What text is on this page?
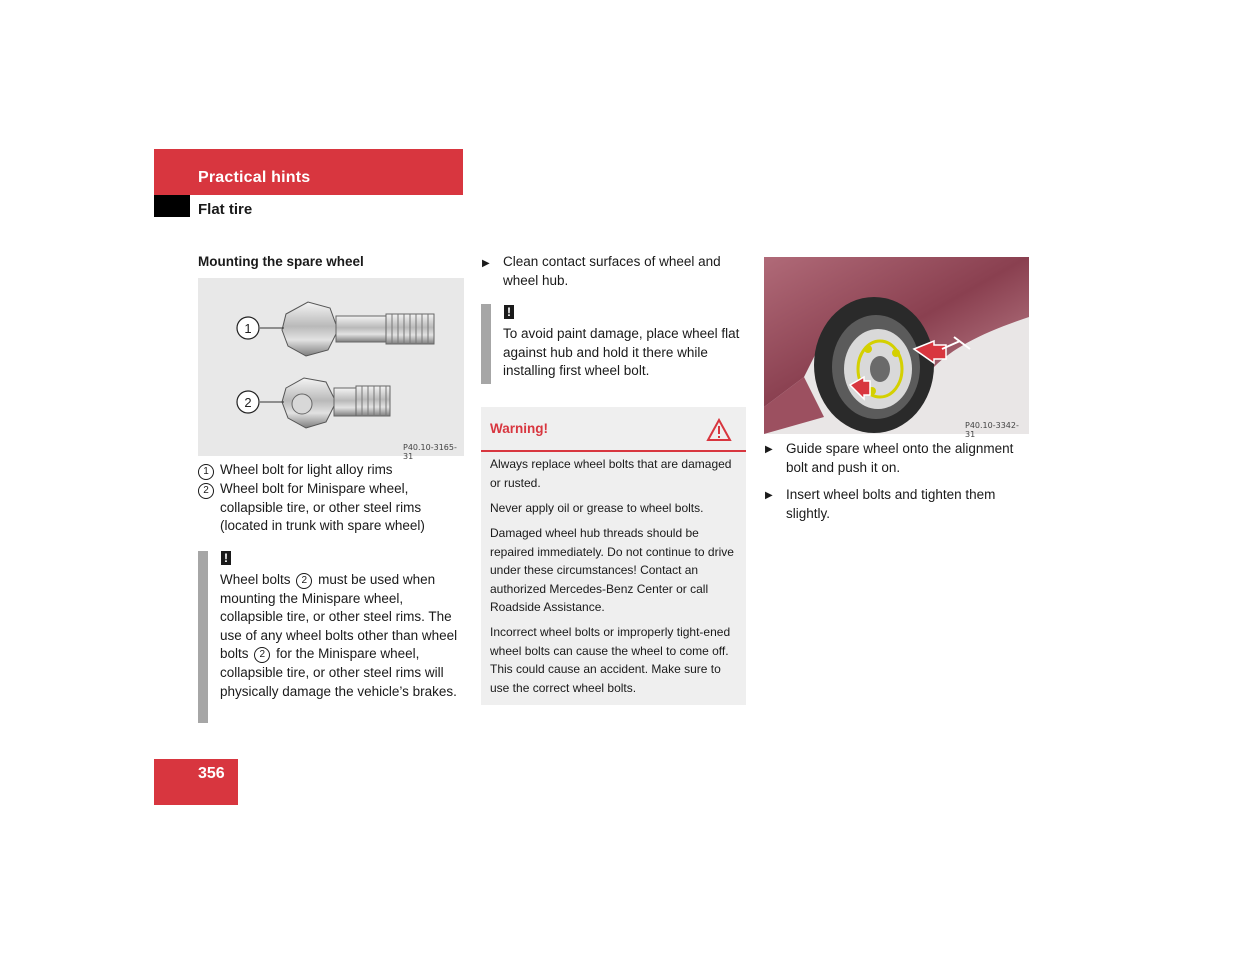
Practical hints
Flat tire
Mounting the spare wheel
1
2
P40.10-3165-31
1 Wheel bolt for light alloy rims
2 Wheel bolt for Minispare wheel, collapsible tire, or other steel rims (located in trunk with spare wheel)
!
Wheel bolts 2 must be used when mounting the Minispare wheel, collapsible tire, or other steel rims. The use of any wheel bolts other than wheel bolts 2 for the Minispare wheel, collapsible tire, or other steel rims will physically damage the vehicle’s brakes.
▶ Clean contact surfaces of wheel and wheel hub.
!
To avoid paint damage, place wheel flat against hub and hold it there while installing first wheel bolt.
Warning!
Always replace wheel bolts that are damaged or rusted.
Never apply oil or grease to wheel bolts.
Damaged wheel hub threads should be repaired immediately. Do not continue to drive under these circumstances! Contact an authorized Mercedes-Benz Center or call Roadside Assistance.
Incorrect wheel bolts or improperly tight-ened wheel bolts can cause the wheel to come off. This could cause an accident. Make sure to use the correct wheel bolts.
P40.10-3342-31
▶ Guide spare wheel onto the alignment bolt and push it on.
▶ Insert wheel bolts and tighten them slightly.
356
